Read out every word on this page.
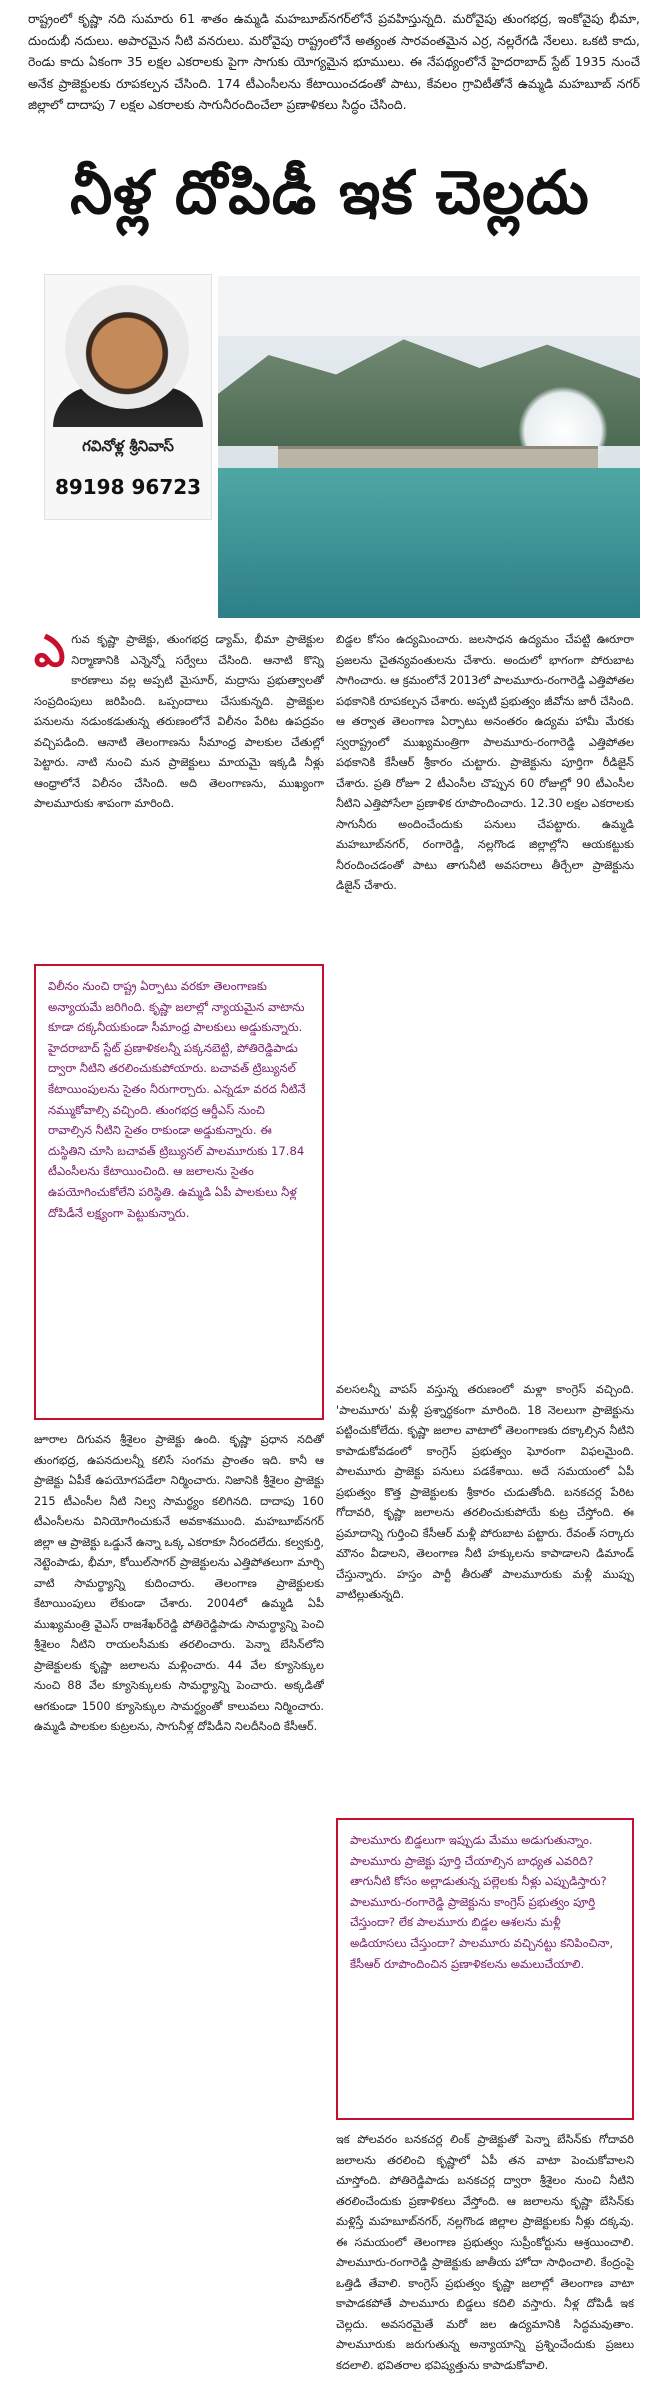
రాష్ట్రంలో కృష్ణా నది సుమారు 61 శాతం ఉమ్మడి మహబూబ్‌నగర్‌లోనే ప్రవహిస్తున్నది. మరోవైపు తుంగభద్ర, ఇంకోవైపు భీమా, దుందుభీ నదులు. అపారమైన నీటి వనరులు. మరోవైపు రాష్ట్రంలోనే అత్యంత సారవంతమైన ఎర్ర, నల్లరేగడి నేలలు. ఒకటి కాదు, రెండు కాదు ఏకంగా 35 లక్షల ఎకరాలకు పైగా సాగుకు యోగ్యమైన భూములు. ఈ నేపథ్యంలోనే హైదరాబాద్ స్టేట్ 1935 నుంచే అనేక ప్రాజెక్టులకు రూపకల్పన చేసింది. 174 టీఎంసీలను కేటాయించడంతో పాటు, కేవలం గ్రావిటీతోనే ఉమ్మడి మహబూబ్ నగర్ జిల్లాలో దాదాపు 7 లక్షల ఎకరాలకు సాగునీరందించేలా ప్రణాళికలు సిద్ధం చేసింది.
నీళ్ల దోపిడీ ఇక చెల్లదు
గవినోళ్ల శ్రీనివాస్
89198 96723
ఎ గువ కృష్ణా ప్రాజెక్టు, తుంగభద్ర డ్యామ్, భీమా ప్రాజెక్టుల నిర్మాణానికి ఎన్నెన్నో సర్వేలు చేసింది. ఆనాటి కొన్ని కారణాలు వల్ల అప్పటి మైసూర్, మద్రాసు ప్రభుత్వాలతో సంప్రదింపులు జరిపింది. ఒప్పందాలు చేసుకున్నది. ప్రాజెక్టుల పనులను నడుంకడుతున్న తరుణంలోనే విలీనం పేరిట ఉపద్రవం వచ్చిపడింది. ఆనాటి తెలంగాణను సీమాంధ్ర పాలకుల చేతుల్లో పెట్టారు. నాటి నుంచి మన ప్రాజెక్టులు మాయమై ఇక్కడి నీళ్లు ఆంధ్రాలోనే విలీనం చేసింది. అది తెలంగాణను, ముఖ్యంగా పాలమూరుకు శాపంగా మారింది.
విలీనం నుంచి రాష్ట్ర ఏర్పాటు వరకూ తెలంగాణకు అన్యాయమే జరిగింది. కృష్ణా జలాల్లో న్యాయమైన వాటాను కూడా దక్కనీయకుండా సీమాంధ్ర పాలకులు అడ్డుకున్నారు. హైదరాబాద్ స్టేట్ ప్రణాళికలన్నీ పక్కనబెట్టి, పోతిరెడ్డిపాడు ద్వారా నీటిని తరలించుకుపోయారు. బచావత్ ట్రిబ్యునల్ కేటాయింపులను సైతం నీరుగార్చారు. ఎన్నడూ వరద నీటినే నమ్ముకోవాల్సి వచ్చింది. తుంగభద్ర ఆర్డీఎస్ నుంచి రావాల్సిన నీటిని సైతం రాకుండా అడ్డుకున్నారు. ఈ దుస్థితిని చూసి బచావత్ ట్రిబ్యునల్ పాలమూరుకు 17.84 టీఎంసీలను కేటాయించింది. ఆ జలాలను సైతం ఉపయోగించుకోలేని పరిస్థితి. ఉమ్మడి ఏపీ పాలకులు నీళ్ల దోపిడీనే లక్ష్యంగా పెట్టుకున్నారు.
జూరాల దిగువన శ్రీశైలం ప్రాజెక్టు ఉంది. కృష్ణా ప్రధాన నదితో తుంగభద్ర, ఉపనదులన్నీ కలిసే సంగమ ప్రాంతం ఇది. కానీ ఆ ప్రాజెక్టు ఏపీకే ఉపయోగపడేలా నిర్మించారు. నిజానికి శ్రీశైలం ప్రాజెక్టు 215 టీఎంసీల నీటి నిల్వ సామర్థ్యం కలిగినది. దాదాపు 160 టీఎంసీలను వినియోగించుకునే అవకాశముంది. మహబూబ్‌నగర్ జిల్లా ఆ ప్రాజెక్టు ఒడ్డునే ఉన్నా ఒక్క ఎకరాకూ నీరందలేదు. కల్వకుర్తి, నెట్టెంపాడు, భీమా, కోయిల్‌సాగర్ ప్రాజెక్టులను ఎత్తిపోతలుగా మార్చి వాటి సామర్థ్యాన్ని కుదించారు. తెలంగాణ ప్రాజెక్టులకు కేటాయింపులు లేకుండా చేశారు. 2004లో ఉమ్మడి ఏపీ ముఖ్యమంత్రి వైఎస్ రాజశేఖర్‌రెడ్డి పోతిరెడ్డిపాడు సామర్థ్యాన్ని పెంచి శ్రీశైలం నీటిని రాయలసీమకు తరలించారు. పెన్నా బేసిన్‌లోని ప్రాజెక్టులకు కృష్ణా జలాలను మళ్లించారు. 44 వేల క్యూసెక్కుల నుంచి 88 వేల క్యూసెక్కులకు సామర్థ్యాన్ని పెంచారు. అక్కడితో ఆగకుండా 1500 క్యూసెక్కుల సామర్థ్యంతో కాలువలు నిర్మించారు. ఉమ్మడి పాలకుల కుట్రలను, సాగునీళ్ల దోపిడీని నిలదీసింది కేసీఆర్.
బిడ్డల కోసం ఉద్యమించారు. జలసాధన ఉద్యమం చేపట్టి ఊరూరా ప్రజలను చైతన్యవంతులను చేశారు. అందులో భాగంగా పోరుబాట సాగించారు. ఆ క్రమంలోనే 2013లో పాలమూరు-రంగారెడ్డి ఎత్తిపోతల పథకానికి రూపకల్పన చేశారు. అప్పటి ప్రభుత్వం జీవోను జారీ చేసింది. ఆ తర్వాత తెలంగాణ ఏర్పాటు అనంతరం ఉద్యమ హామీ మేరకు స్వరాష్ట్రంలో ముఖ్యమంత్రిగా పాలమూరు-రంగారెడ్డి ఎత్తిపోతల పథకానికి కేసీఆర్ శ్రీకారం చుట్టారు. ప్రాజెక్టును పూర్తిగా రీడిజైన్ చేశారు. ప్రతి రోజూ 2 టీఎంసీల చొప్పున 60 రోజుల్లో 90 టీఎంసీల నీటిని ఎత్తిపోసేలా ప్రణాళిక రూపొందించారు. 12.30 లక్షల ఎకరాలకు సాగునీరు అందించేందుకు పనులు చేపట్టారు. ఉమ్మడి మహబూబ్‌నగర్, రంగారెడ్డి, నల్లగొండ జిల్లాల్లోని ఆయకట్టుకు నీరందించడంతో పాటు తాగునీటి అవసరాలు తీర్చేలా ప్రాజెక్టును డిజైన్ చేశారు.
వలసలన్నీ వాపస్ వస్తున్న తరుణంలో మళ్లా కాంగ్రెస్ వచ్చింది. 'పాలమూరు' మళ్లీ ప్రశ్నార్థకంగా మారింది. 18 నెలలుగా ప్రాజెక్టును పట్టించుకోలేదు. కృష్ణా జలాల వాటాలో తెలంగాణకు దక్కాల్సిన నీటిని కాపాడుకోవడంలో కాంగ్రెస్ ప్రభుత్వం ఘోరంగా విఫలమైంది. పాలమూరు ప్రాజెక్టు పనులు పడకేశాయి. అదే సమయంలో ఏపీ ప్రభుత్వం కొత్త ప్రాజెక్టులకు శ్రీకారం చుడుతోంది. బనకచర్ల పేరిట గోదావరి, కృష్ణా జలాలను తరలించుకుపోయే కుట్ర చేస్తోంది. ఈ ప్రమాదాన్ని గుర్తించి కేసీఆర్ మళ్లీ పోరుబాట పట్టారు. రేవంత్ సర్కారు మౌనం వీడాలని, తెలంగాణ నీటి హక్కులను కాపాడాలని డిమాండ్ చేస్తున్నారు. హస్తం పార్టీ తీరుతో పాలమూరుకు మళ్లీ ముప్పు వాటిల్లుతున్నది.
పాలమూరు బిడ్డలుగా ఇప్పుడు మేము అడుగుతున్నాం. పాలమూరు ప్రాజెక్టు పూర్తి చేయాల్సిన బాధ్యత ఎవరిది? తాగునీటి కోసం అల్లాడుతున్న పల్లెలకు నీళ్లు ఎప్పుడిస్తారు? పాలమూరు-రంగారెడ్డి ప్రాజెక్టును కాంగ్రెస్ ప్రభుత్వం పూర్తి చేస్తుందా? లేక పాలమూరు బిడ్డల ఆశలను మళ్లీ అడియాసలు చేస్తుందా? పాలమూరు వచ్చినట్టు కనిపించినా, కేసీఆర్ రూపొందించిన ప్రణాళికలను అమలుచేయాలి.
ఇక పోలవరం బనకచర్ల లింక్ ప్రాజెక్టుతో పెన్నా బేసిన్‌కు గోదావరి జలాలను తరలించి కృష్ణాలో ఏపీ తన వాటా పెంచుకోవాలని చూస్తోంది. పోతిరెడ్డిపాడు బనకచర్ల ద్వారా శ్రీశైలం నుంచి నీటిని తరలించేందుకు ప్రణాళికలు వేస్తోంది. ఆ జలాలను కృష్ణా బేసిన్‌కు మళ్లిస్తే మహబూబ్‌నగర్, నల్లగొండ జిల్లాల ప్రాజెక్టులకు నీళ్లు దక్కవు. ఈ సమయంలో తెలంగాణ ప్రభుత్వం సుప్రీంకోర్టును ఆశ్రయించాలి. పాలమూరు-రంగారెడ్డి ప్రాజెక్టుకు జాతీయ హోదా సాధించాలి. కేంద్రంపై ఒత్తిడి తేవాలి. కాంగ్రెస్ ప్రభుత్వం కృష్ణా జలాల్లో తెలంగాణ వాటా కాపాడకపోతే పాలమూరు బిడ్డలు కదిలి వస్తారు. నీళ్ల దోపిడీ ఇక చెల్లదు. అవసరమైతే మరో జల ఉద్యమానికి సిద్ధమవుతాం. పాలమూరుకు జరుగుతున్న అన్యాయాన్ని ప్రశ్నించేందుకు ప్రజలు కదలాలి. భవితరాల భవిష్యత్తును కాపాడుకోవాలి.
